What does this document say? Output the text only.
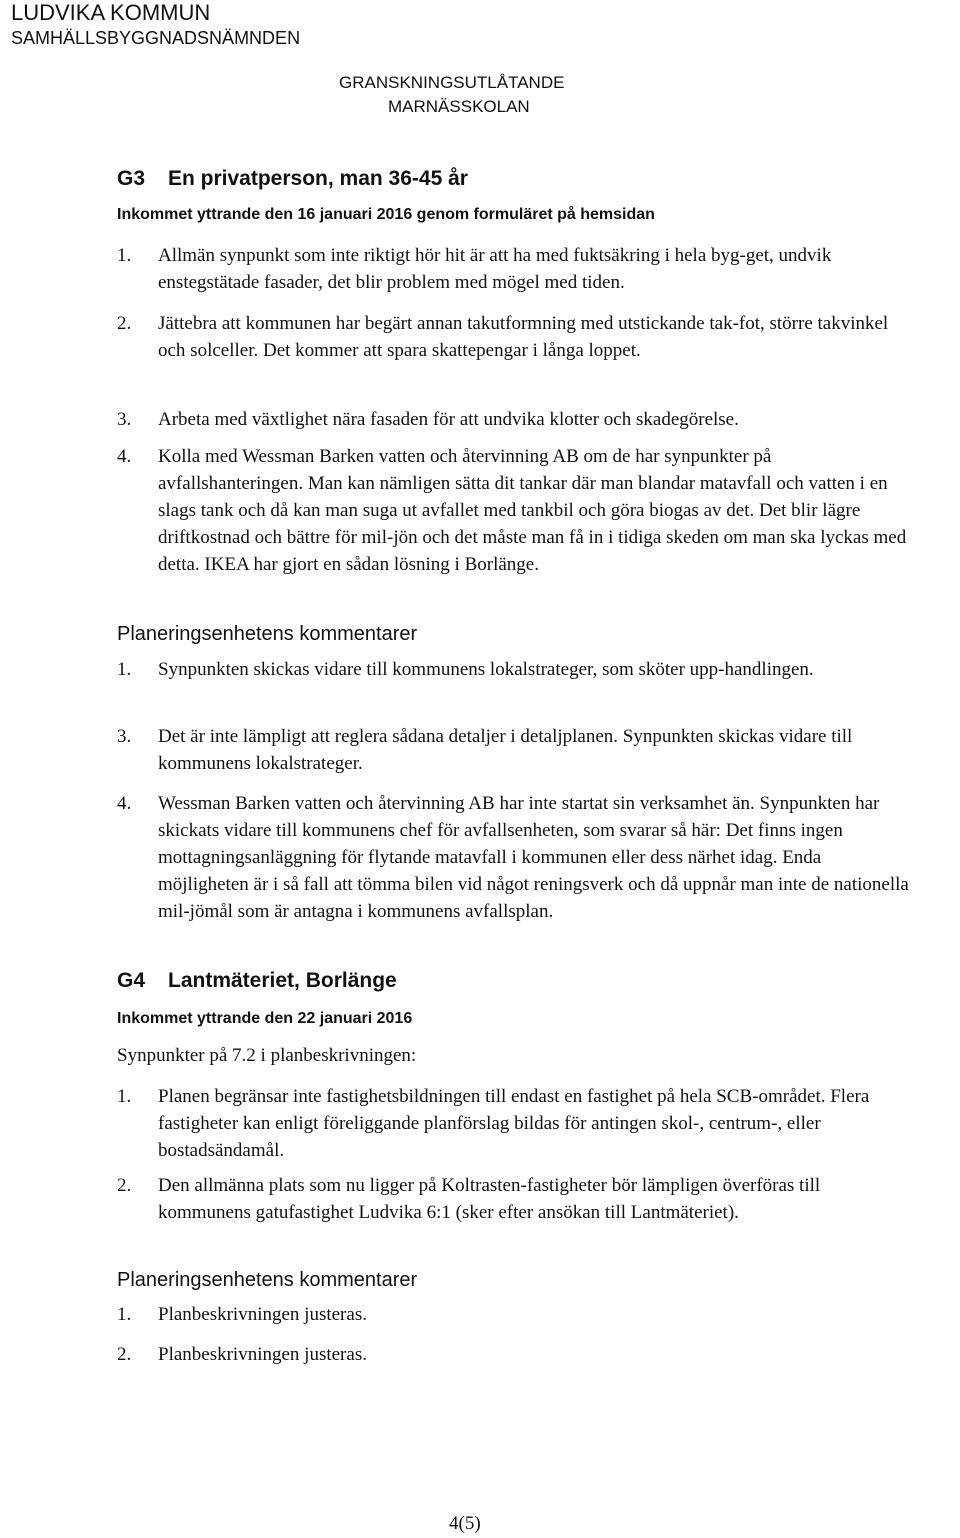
LUDVIKA KOMMUN
SAMHÄLLSBYGGNADSNÄMNDEN
GRANSKNINGSUTLÅTANDE
MARNÄSSKOLAN
G3 En privatperson, man 36-45 år
Inkommet yttrande den 16 januari 2016 genom formuläret på hemsidan
1. Allmän synpunkt som inte riktigt hör hit är att ha med fuktsäkring i hela byg-get, undvik enstegstätade fasader, det blir problem med mögel med tiden.
2. Jättebra att kommunen har begärt annan takutformning med utstickande tak-fot, större takvinkel och solceller. Det kommer att spara skattepengar i långa loppet.
3. Arbeta med växtlighet nära fasaden för att undvika klotter och skadegörelse.
4. Kolla med Wessman Barken vatten och återvinning AB om de har synpunkter på avfallshanteringen. Man kan nämligen sätta dit tankar där man blandar matavfall och vatten i en slags tank och då kan man suga ut avfallet med tankbil och göra biogas av det. Det blir lägre driftkostnad och bättre för mil-jön och det måste man få in i tidiga skeden om man ska lyckas med detta. IKEA har gjort en sådan lösning i Borlänge.
Planeringsenhetens kommentarer
1. Synpunkten skickas vidare till kommunens lokalstrateger, som sköter upp-handlingen.
3. Det är inte lämpligt att reglera sådana detaljer i detaljplanen. Synpunkten skickas vidare till kommunens lokalstrateger.
4. Wessman Barken vatten och återvinning AB har inte startat sin verksamhet än. Synpunkten har skickats vidare till kommunens chef för avfallsenheten, som svarar så här: Det finns ingen mottagningsanläggning för flytande matavfall i kommunen eller dess närhet idag. Enda möjligheten är i så fall att tömma bilen vid något reningsverk och då uppnår man inte de nationella mil-jömål som är antagna i kommunens avfallsplan.
G4 Lantmäteriet, Borlänge
Inkommet yttrande den 22 januari 2016
Synpunkter på 7.2 i planbeskrivningen:
1. Planen begränsar inte fastighetsbildningen till endast en fastighet på hela SCB-området. Flera fastigheter kan enligt föreliggande planförslag bildas för antingen skol-, centrum-, eller bostadsändamål.
2. Den allmänna plats som nu ligger på Koltrasten-fastigheter bör lämpligen överföras till kommunens gatufastighet Ludvika 6:1 (sker efter ansökan till Lantmäteriet).
Planeringsenhetens kommentarer
1. Planbeskrivningen justeras.
2. Planbeskrivningen justeras.
4(5)
